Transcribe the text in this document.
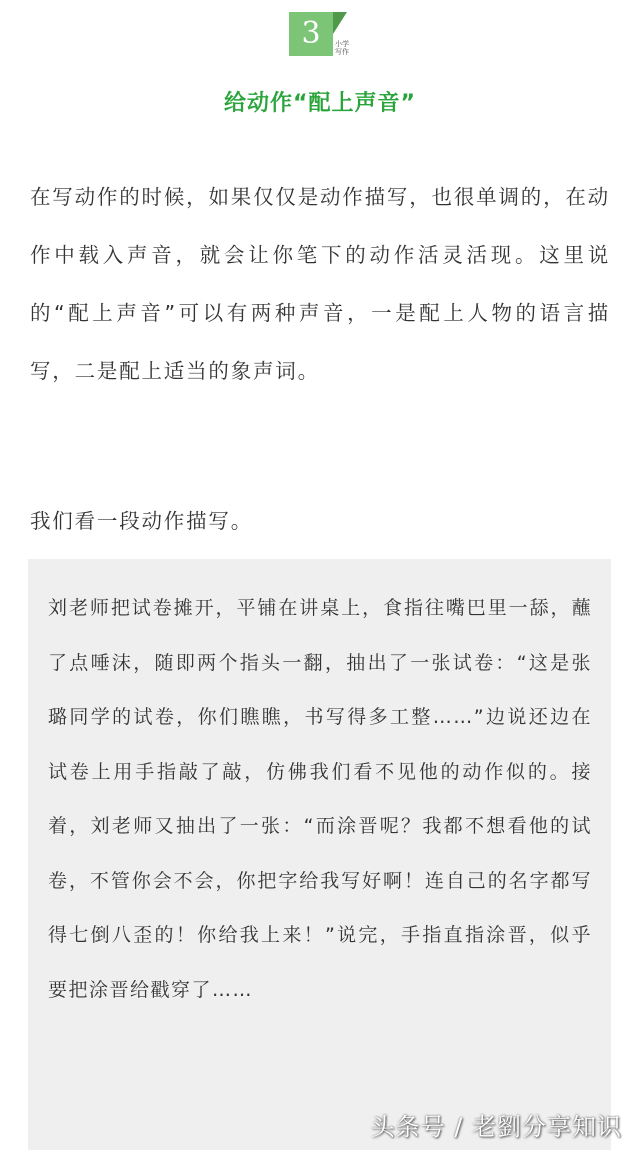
3	小学写作
给动作“配上声音”

在写动作的时候，如果仅仅是动作描写，也很单调的，在动作中载入声音，就会让你笔下的动作活灵活现。这里说的“配上声音”可以有两种声音，一是配上人物的语言描写，二是配上适当的象声词。

我们看一段动作描写。

刘老师把试卷摊开，平铺在讲桌上，食指往嘴巴里一舔，蘸了点唾沫，随即两个指头一翻，抽出了一张试卷：“这是张璐同学的试卷，你们瞧瞧，书写得多工整……”边说还边在试卷上用手指敲了敲，仿佛我们看不见他的动作似的。接着，刘老师又抽出了一张：“而涂晋呢？我都不想看他的试卷，不管你会不会，你把字给我写好啊！连自己的名字都写得七倒八歪的！你给我上来！”说完，手指直指涂晋，似乎要把涂晋给戳穿了……

头条号 / 老劉分享知识
